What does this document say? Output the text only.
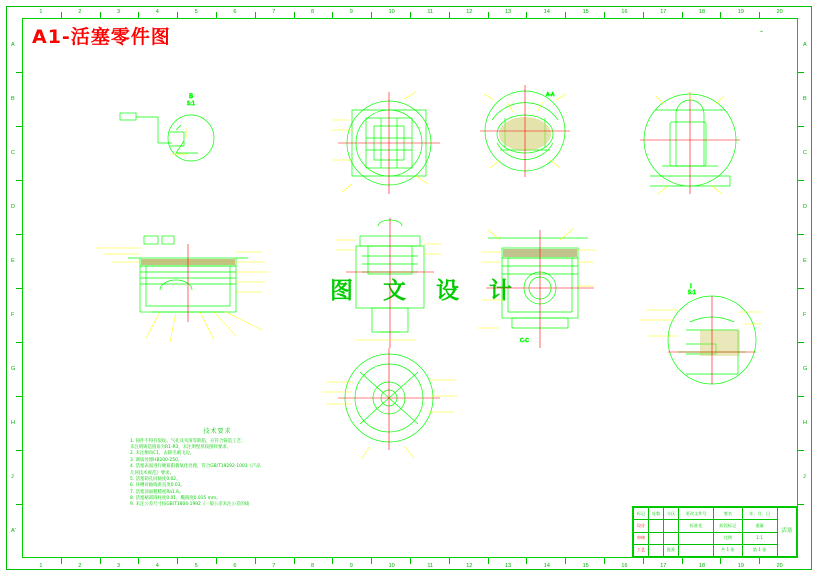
A1-活塞零件图	-
图 文 设 计
1
1
2
2
3
3
4
4
5
5
6
6
7
7
8
8
9
9
10
10
11
11
12
12
13
13
14
14
15
15
16
16
17
17
18
18
19
19
20
20
A	A
B	B
C	C
D	D
E	E
F	F
G	G
H	H
J	J
A'
B
5:1
A-A
C-C
I
5:1
技术要求
1. 铸件不得有裂纹、气孔及夹渣等缺陷，应符合铸造工艺；
未注明铸造圆角为R1-R3，未注明壁厚按图样要求。
2. 未注倒角C1，去除毛刺飞边。
3. 调质处理HB200-250。
4. 活塞表面进行硬质阳极氧化处理，符合GB/T19292-1003《产品
几何技术规范》要求。
5. 活塞销孔同轴度0.02。
6. 环槽对轴线垂直度0.03。
7. 活塞顶面粗糙度Ra1.6。
8. 活塞裙部圆柱度0.01，椭圆度0.015 mm。
9. 未注公差尺寸按GB/T1804-1992《一般公差未注公差的线
标记	处数	分区	更改文件号	签名	年、月、日	活塞
设计			标准化	阶段标记	重量	
审核				比例	1:1	
工艺		批准		共 1 张	第 1 张	
